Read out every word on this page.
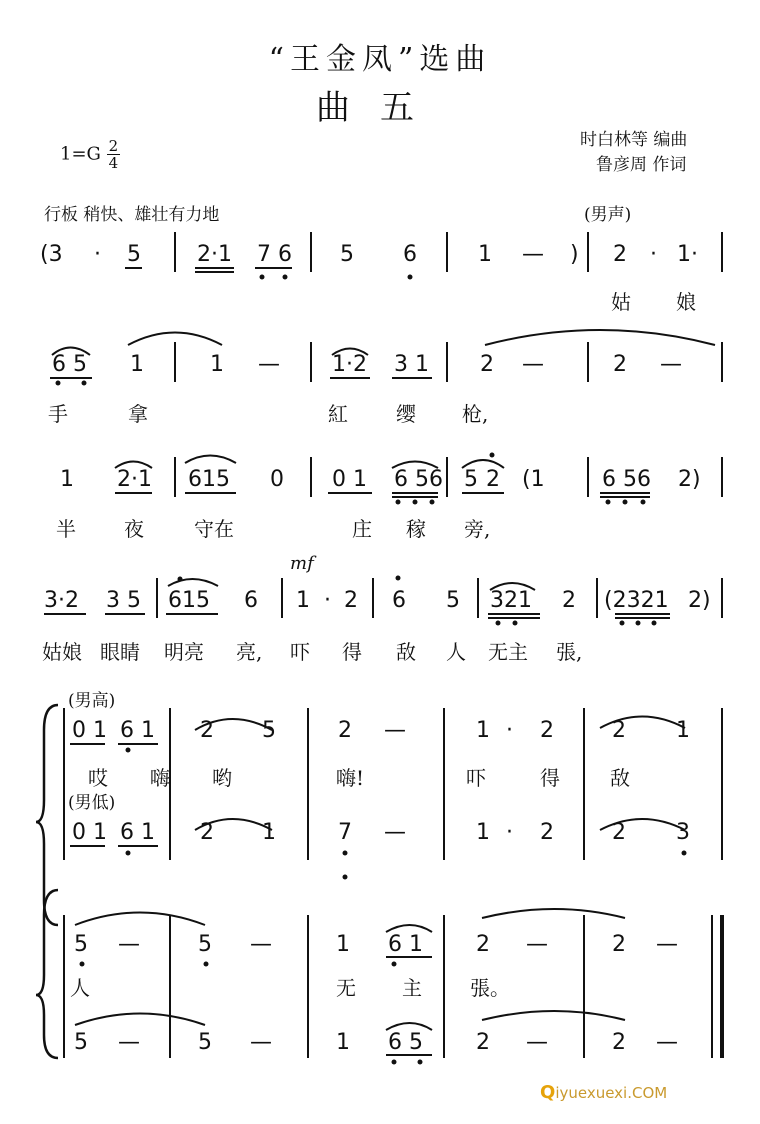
“王金凤”选曲
曲五
$1=G \frac{2}{4}$	时白林等 编曲
鲁彦周 作词
行板 稍快、雄壮有力地	(男声)
(3 · 5	2·1 7 6 5 6	1 — ) 2 · 1·
姑 娘
6 5 1	1 — 1·2 3 1 2 —	2 —
手	拿	紅 缨 枪,
1 2·1 615 0 0 1 6 56 5 2 (1	6 56 2)
半 夜	守在	庄 稼 旁,
mf
3·2 3 5 615 6 1 · 2 6 5 321 2 (2321 2)
姑娘 眼睛 明亮 亮, 吓 得 敌 人 无主 張,
(男高)
0 1 6 1 2 5	2 —	1 · 2	2 1
哎 嗨 哟	嗨!	吓	得	敌
(男低)
0 1 6 1 2 1	7 —	1 · 2	2 3
5 —	5 —	1 6 1 2 —	2 —
人	无 主 張。
5 —	5 —	1 6 5 2 —	2 —
Qiyuexuexi.COM
